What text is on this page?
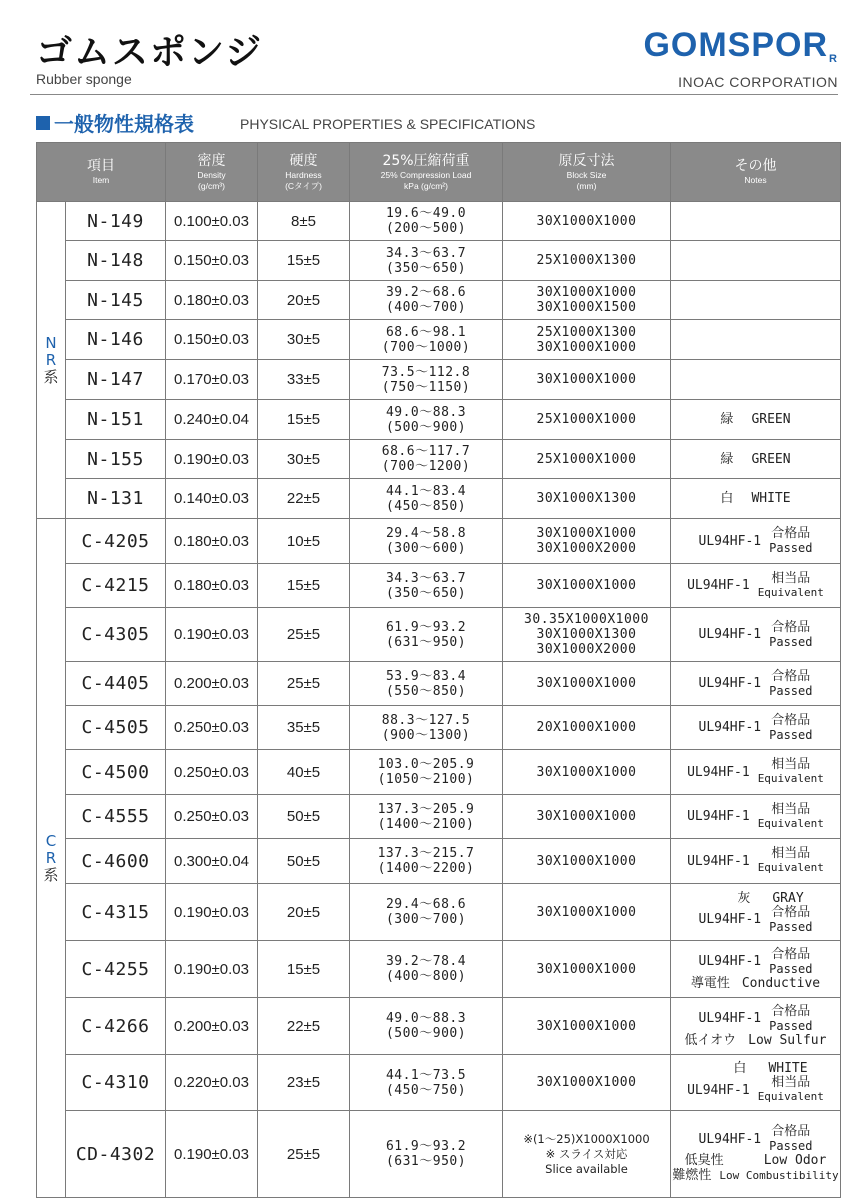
ゴムスポンジ
Rubber sponge
GOMSPORR
INOAC CORPORATION
一般物性規格表	PHYSICAL PROPERTIES & SPECIFICATIONS
項目
Item		密度
Density
(g/cm³)	硬度
Hardness
(Cタイプ)	25%圧縮荷重
25% Compression Load
kPa (g/cm²)	原反寸法
Block Size
(mm)	その他
Notes

N
R
系	N-149	0.100±0.03	8±5	19.6～49.0
(200～500)	30X1000X1000	

	N-148	0.150±0.03	15±5	34.3～63.7
(350～650)	25X1000X1300	

	N-145	0.180±0.03	20±5	39.2～68.6
(400～700)	30X1000X1000
30X1000X1500	

	N-146	0.150±0.03	30±5	68.6～98.1
(700～1000)	25X1000X1300
30X1000X1000	

	N-147	0.170±0.03	33±5	73.5～112.8
(750～1150)	30X1000X1000	

	N-151	0.240±0.04	15±5	49.0～88.3
(500～900)	25X1000X1000	緑 GREEN

	N-155	0.190±0.03	30±5	68.6～117.7
(700～1200)	25X1000X1000	緑 GREEN

	N-131	0.140±0.03	22±5	44.1～83.4
(450～850)	30X1000X1300	白 WHITE

C
R
系	C-4205	0.180±0.03	10±5	29.4～58.8
(300～600)	30X1000X1000
30X1000X2000	UL94HF-1 合格品
Passed

	C-4215	0.180±0.03	15±5	34.3～63.7
(350～650)	30X1000X1000	UL94HF-1 相当品
Equivalent

	C-4305	0.190±0.03	25±5	61.9～93.2
(631～950)	30.35X1000X1000
30X1000X1300
30X1000X2000	UL94HF-1 合格品
Passed

	C-4405	0.200±0.03	25±5	53.9～83.4
(550～850)	30X1000X1000	UL94HF-1 合格品
Passed

	C-4505	0.250±0.03	35±5	88.3～127.5
(900～1300)	20X1000X1000	UL94HF-1 合格品
Passed

	C-4500	0.250±0.03	40±5	103.0～205.9
(1050～2100)	30X1000X1000	UL94HF-1 相当品
Equivalent

	C-4555	0.250±0.03	50±5	137.3～205.9
(1400～2100)	30X1000X1000	UL94HF-1 相当品
Equivalent

	C-4600	0.300±0.04	50±5	137.3～215.7
(1400～2200)	30X1000X1000	UL94HF-1 相当品
Equivalent

	C-4315	0.190±0.03	20±5	29.4～68.6
(300～700)	30X1000X1000	灰 GRAY
UL94HF-1 合格品
Passed

	C-4255	0.190±0.03	15±5	39.2～78.4
(400～800)	30X1000X1000	UL94HF-1 合格品
Passed
導電性 Conductive

	C-4266	0.200±0.03	22±5	49.0～88.3
(500～900)	30X1000X1000	UL94HF-1 合格品
Passed
低イオウ Low Sulfur

	C-4310	0.220±0.03	23±5	44.1～73.5
(450～750)	30X1000X1000	白 WHITE
UL94HF-1 相当品
Equivalent

	CD-4302	0.190±0.03	25±5	61.9～93.2
(631～950)	※(1～25)X1000X1000
※ スライス対応
Slice available	UL94HF-1 合格品
Passed
低臭性 Low Odor
難燃性 Low Combustibility
